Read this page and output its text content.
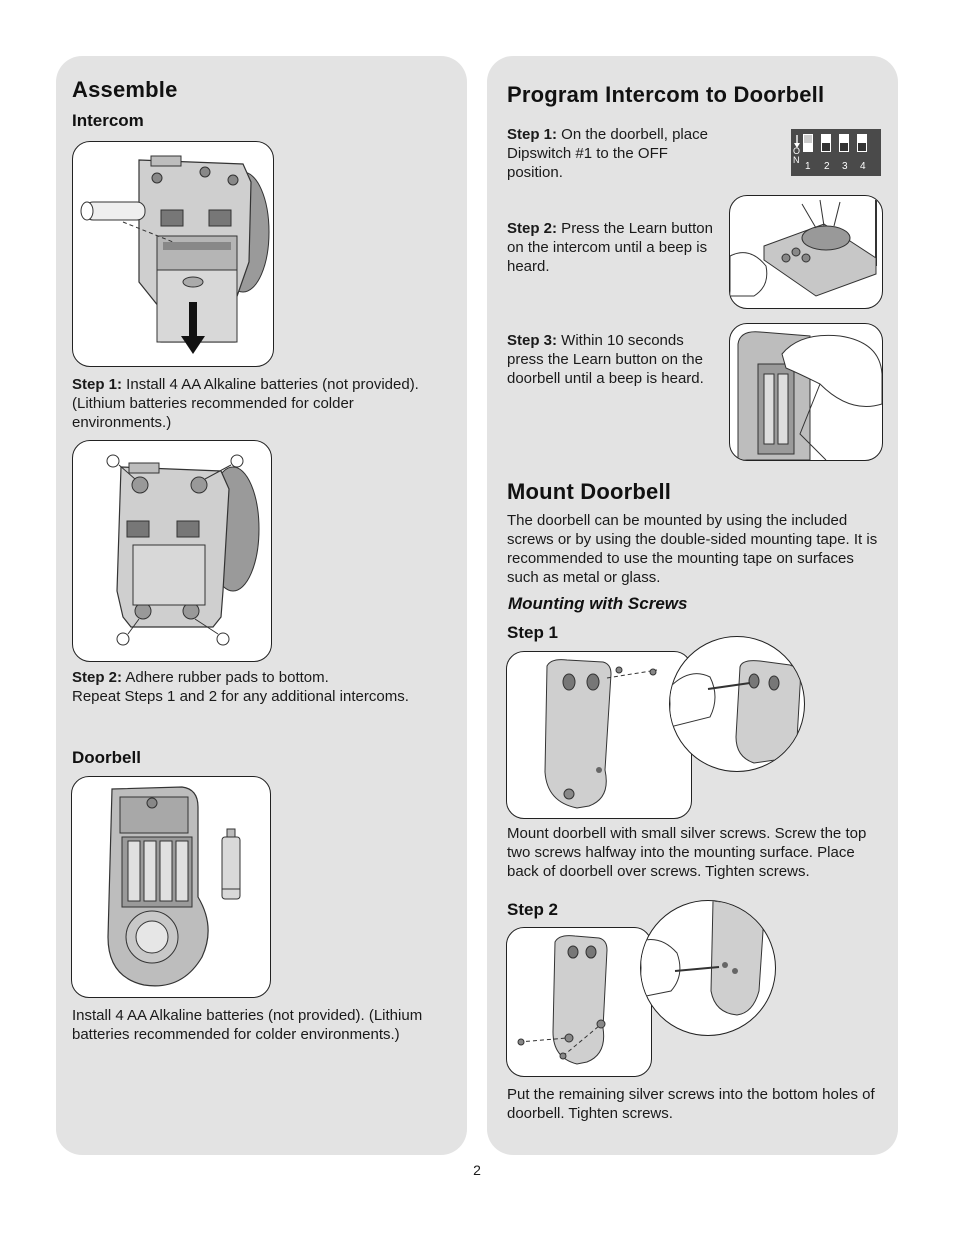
Assemble
Intercom
Step 1: Install 4 AA Alkaline batteries (not provided). (Lithium batteries recommended for colder environments.)
Step 2: Adhere rubber pads to bottom.
Repeat Steps 1 and 2 for any additional intercoms.
Doorbell
Install 4 AA Alkaline batteries (not provided). (Lithium batteries recommended for colder environments.)
Program Intercom to Doorbell
Step 1: On the doorbell, place Dipswitch #1 to the OFF position.
ON
1 2 3 4
Step 2: Press the Learn button on the intercom until a beep is heard.
Step 3: Within 10 seconds press the Learn button on the doorbell until a beep is heard.
Mount Doorbell
The doorbell can be mounted by using the included screws or by using the double-sided mounting tape. It is recommended to use the mounting tape on surfaces such as metal or glass.
Mounting with Screws
Step 1
Mount doorbell with small silver screws. Screw the top two screws halfway into the mounting surface. Place back of doorbell over screws. Tighten screws.
Step 2
Put the remaining silver screws into the bottom holes of doorbell. Tighten screws.
2
